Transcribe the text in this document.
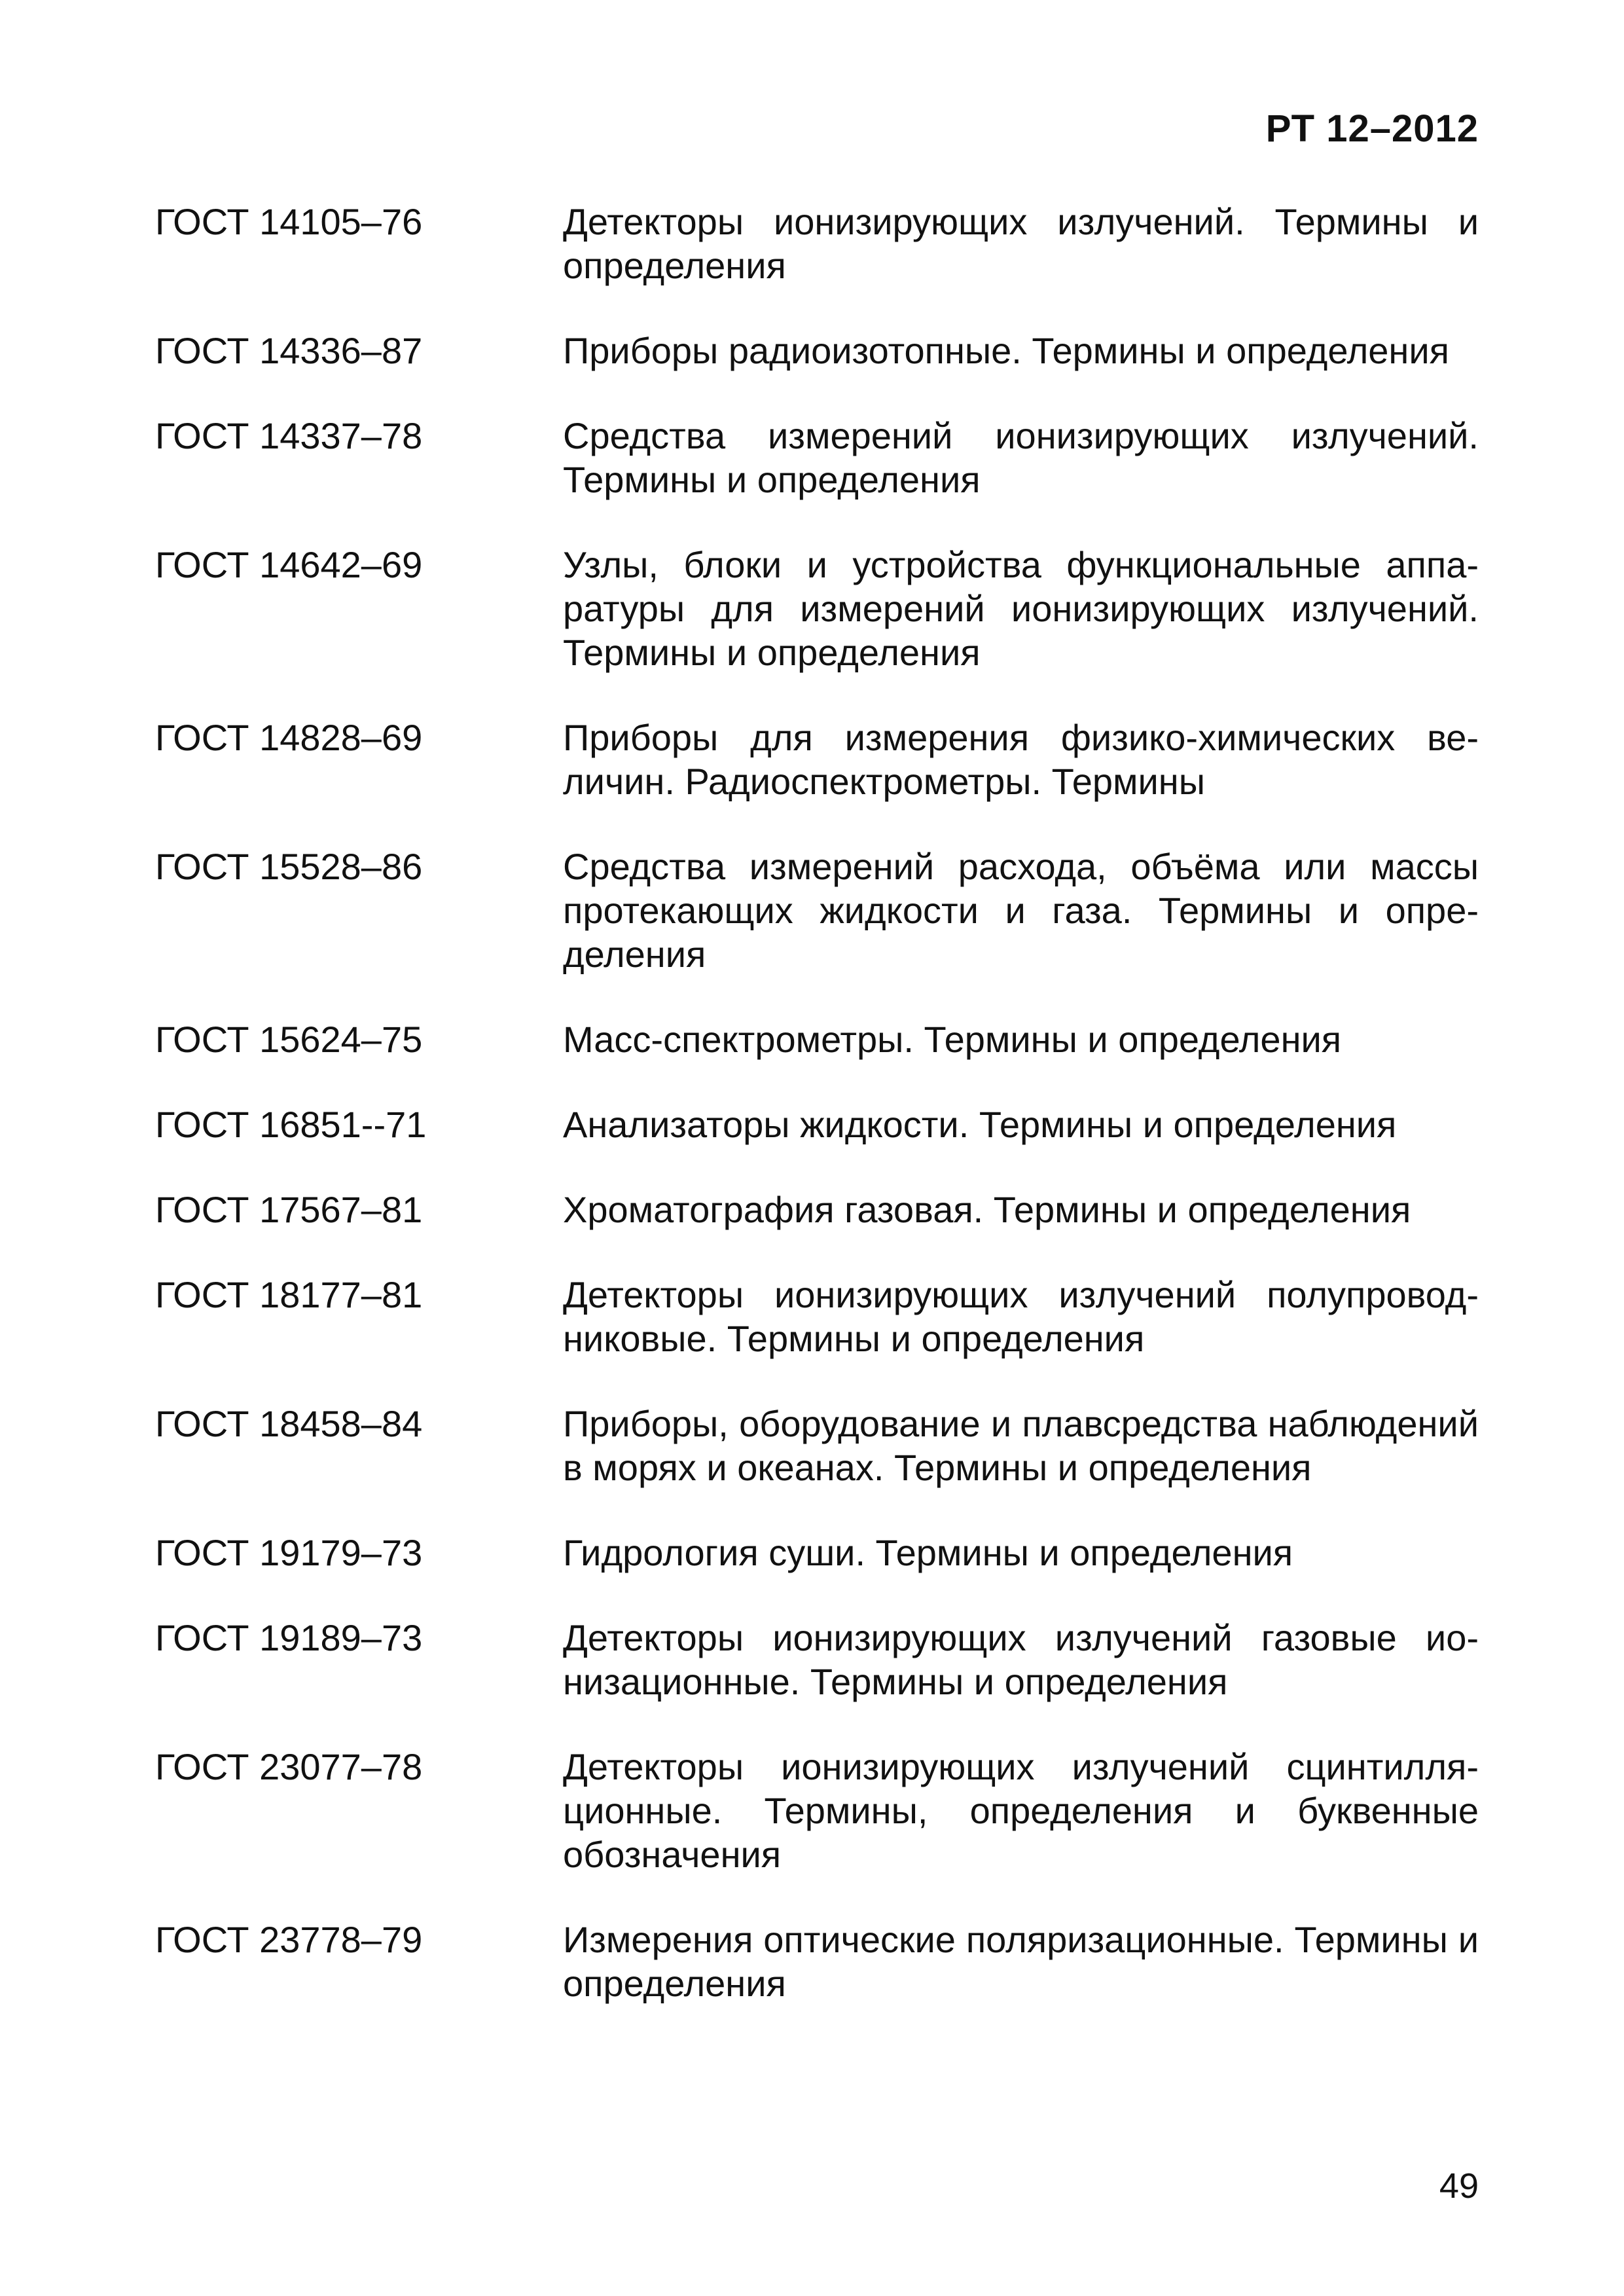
РТ 12–2012

ГОСТ 14105–76	Детекторы ионизирующих излучений. Термины и определения
ГОСТ 14336–87	Приборы радиоизотопные. Термины и определения
ГОСТ 14337–78	Средства измерений ионизирующих излучений. Термины и определения
ГОСТ 14642–69	Узлы, блоки и устройства функциональные аппаратуры для измерений ионизирующих излучений. Термины и определения
ГОСТ 14828–69	Приборы для измерения физико-химических величин. Радиоспектрометры. Термины
ГОСТ 15528–86	Средства измерений расхода, объёма или массы протекающих жидкости и газа. Термины и определения
ГОСТ 15624–75	Масс-спектрометры. Термины и определения
ГОСТ 16851--71	Анализаторы жидкости. Термины и определения
ГОСТ 17567–81	Хроматография газовая. Термины и определения
ГОСТ 18177–81	Детекторы ионизирующих излучений полупроводниковые. Термины и определения
ГОСТ 18458–84	Приборы, оборудование и плавсредства наблюдений в морях и океанах. Термины и определения
ГОСТ 19179–73	Гидрология суши. Термины и определения
ГОСТ 19189–73	Детекторы ионизирующих излучений газовые ионизационные. Термины и определения
ГОСТ 23077–78	Детекторы ионизирующих излучений сцинтилляционные. Термины, определения и буквенные обозначения
ГОСТ 23778–79	Измерения оптические поляризационные. Термины и определения

49
